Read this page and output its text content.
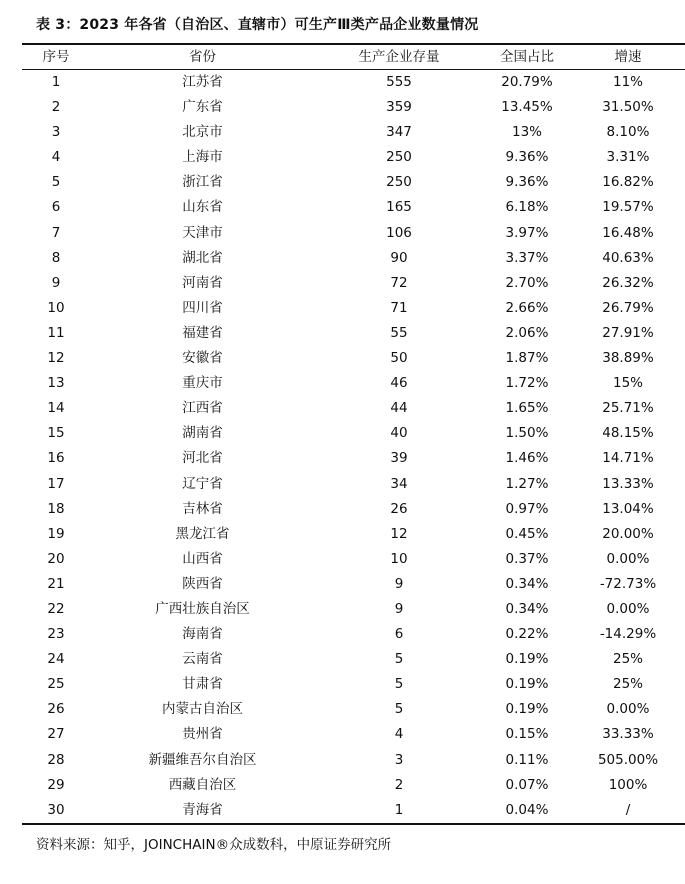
表 3：2023 年各省（自治区、直辖市）可生产Ⅲ类产品企业数量情况
序号	省份	生产企业存量	全国占比	增速
1	江苏省	555	20.79%	11%
2	广东省	359	13.45%	31.50%
3	北京市	347	13%	8.10%
4	上海市	250	9.36%	3.31%
5	浙江省	250	9.36%	16.82%
6	山东省	165	6.18%	19.57%
7	天津市	106	3.97%	16.48%
8	湖北省	90	3.37%	40.63%
9	河南省	72	2.70%	26.32%
10	四川省	71	2.66%	26.79%
11	福建省	55	2.06%	27.91%
12	安徽省	50	1.87%	38.89%
13	重庆市	46	1.72%	15%
14	江西省	44	1.65%	25.71%
15	湖南省	40	1.50%	48.15%
16	河北省	39	1.46%	14.71%
17	辽宁省	34	1.27%	13.33%
18	吉林省	26	0.97%	13.04%
19	黑龙江省	12	0.45%	20.00%
20	山西省	10	0.37%	0.00%
21	陕西省	9	0.34%	-72.73%
22	广西壮族自治区	9	0.34%	0.00%
23	海南省	6	0.22%	-14.29%
24	云南省	5	0.19%	25%
25	甘肃省	5	0.19%	25%
26	内蒙古自治区	5	0.19%	0.00%
27	贵州省	4	0.15%	33.33%
28	新疆维吾尔自治区	3	0.11%	505.00%
29	西藏自治区	2	0.07%	100%
30	青海省	1	0.04%	/
资料来源：知乎，JOINCHAIN®众成数科，中原证券研究所
